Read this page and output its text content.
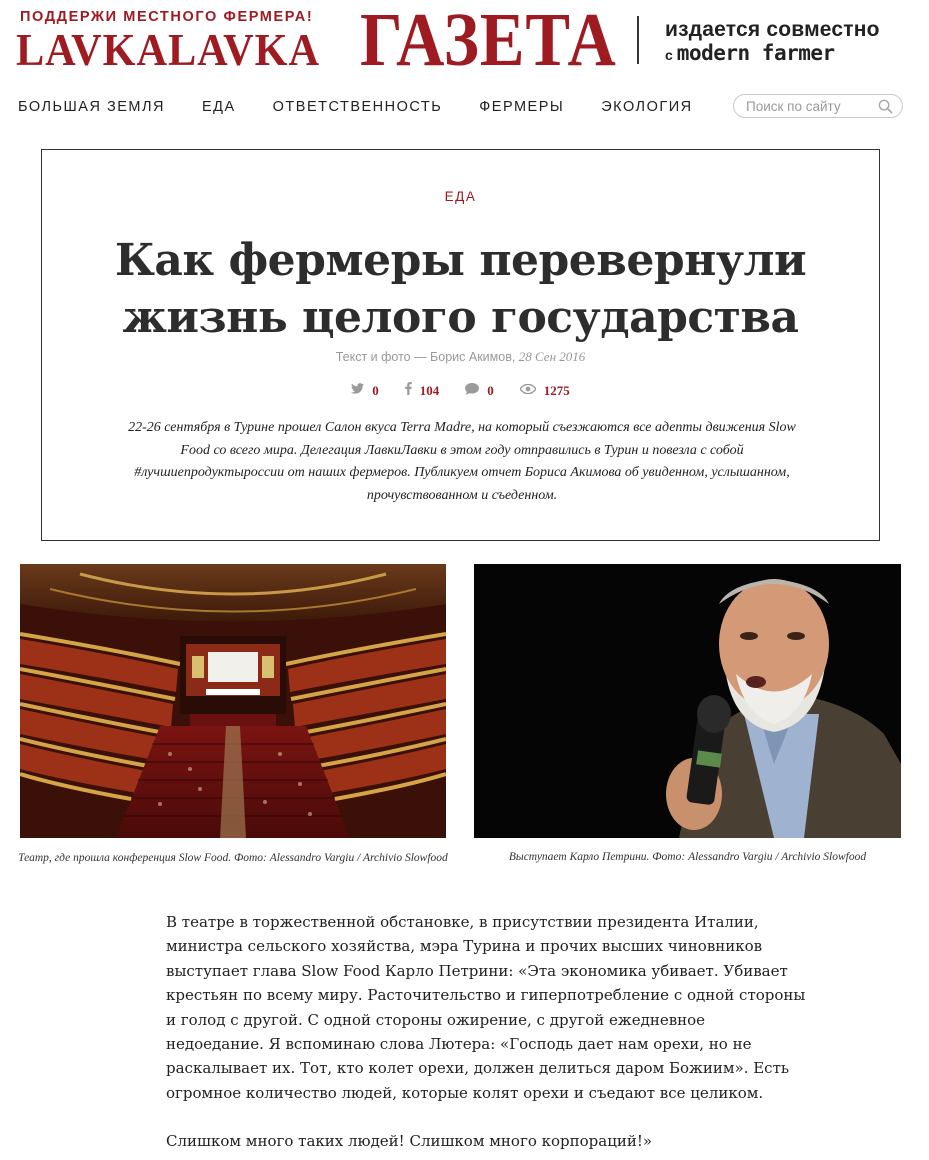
ПОДДЕРЖИ МЕСТНОГО ФЕРМЕРА!
LAVKALAVKA ГАЗЕТА издается совместно
с modern farmer
БОЛЬШАЯ ЗЕМЛЯ	ЕДА	ОТВЕТСТВЕННОСТЬ	ФЕРМЕРЫ	ЭКОЛОГИЯ
Поиск по сайту
ЕДА
Как фермеры перевернули
жизнь целого государства
Текст и фото — Борис Акимов, 28 Сен 2016
0	104	0	1275

22-26 сентября в Турине прошел Салон вкуса Terra Madre, на который съезжаются все адепты движения Slow Food со всего мира. Делегация ЛавкиЛавки в этом году отправились в Турин и повезла с собой #лучшиепродуктыроссии от наших фермеров. Публикуем отчет Бориса Акимова об увиденном, услышанном, прочувствованном и съеденном.

Театр, где прошла конференция Slow Food. Фото: Alessandro Vargiu / Archivio Slowfood	Выступает Карло Петрини. Фото: Alessandro Vargiu / Archivio Slowfood

В театре в торжественной обстановке, в присутствии президента Италии, министра сельского хозяйства, мэра Турина и прочих высших чиновников выступает глава Slow Food Карло Петрини: «Эта экономика убивает. Убивает крестьян по всему миру. Расточительство и гиперпотребление с одной стороны и голод с другой. С одной стороны ожирение, с другой ежедневное недоедание. Я вспоминаю слова Лютера: «Господь дает нам орехи, но не раскалывает их. Тот, кто колет орехи, должен делиться даром Божиим». Есть огромное количество людей, которые колят орехи и съедают все целиком.

Слишком много таких людей! Слишком много корпораций!»
